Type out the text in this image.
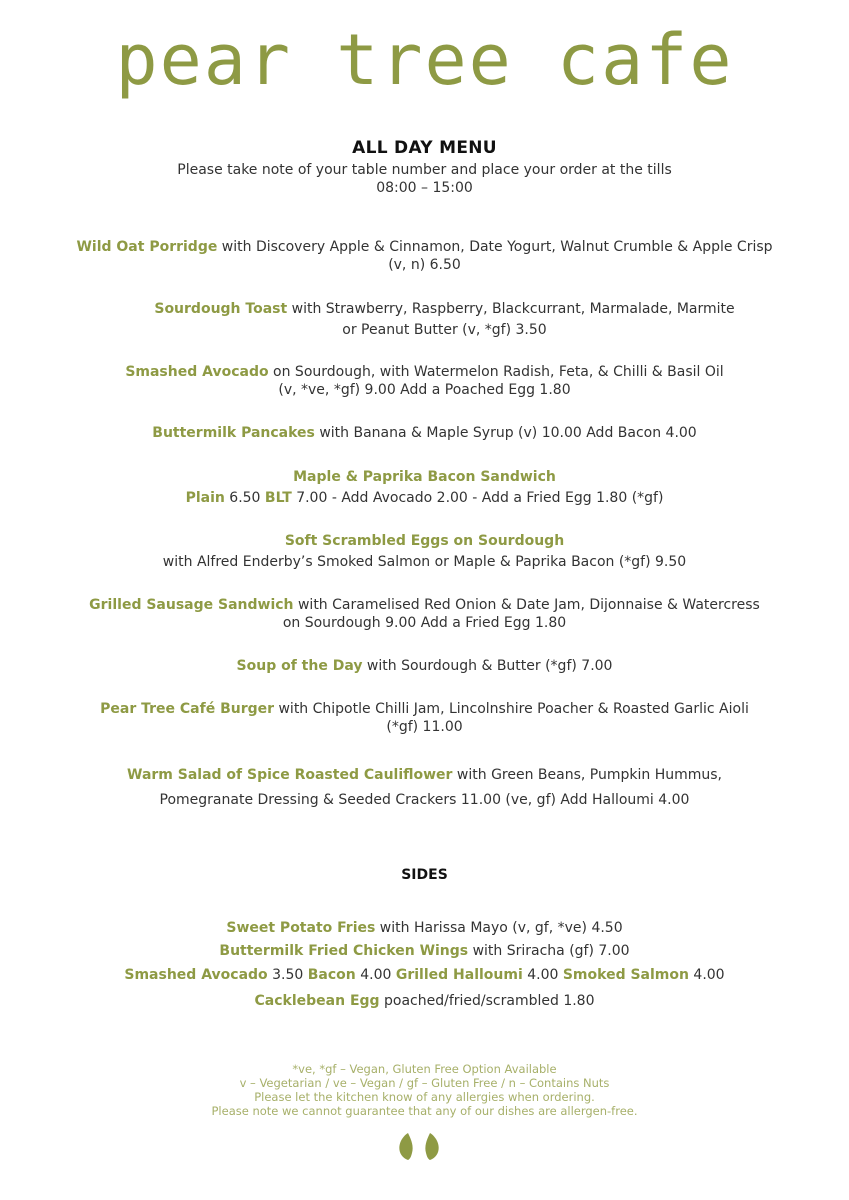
pear tree cafe
ALL DAY MENU
Please take note of your table number and place your order at the tills
08:00 – 15:00
Wild Oat Porridge with Discovery Apple & Cinnamon, Date Yogurt, Walnut Crumble & Apple Crisp
(v, n) 6.50
Sourdough Toast with Strawberry, Raspberry, Blackcurrant, Marmalade, Marmite
or Peanut Butter (v, *gf) 3.50
Smashed Avocado on Sourdough, with Watermelon Radish, Feta, & Chilli & Basil Oil
(v, *ve, *gf) 9.00 Add a Poached Egg 1.80
Buttermilk Pancakes with Banana & Maple Syrup (v) 10.00 Add Bacon 4.00
Maple & Paprika Bacon Sandwich
Plain 6.50 BLT 7.00 - Add Avocado 2.00 - Add a Fried Egg 1.80 (*gf)
Soft Scrambled Eggs on Sourdough
with Alfred Enderby’s Smoked Salmon or Maple & Paprika Bacon (*gf) 9.50
Grilled Sausage Sandwich with Caramelised Red Onion & Date Jam, Dijonnaise & Watercress
on Sourdough 9.00 Add a Fried Egg 1.80
Soup of the Day with Sourdough & Butter (*gf) 7.00
Pear Tree Café Burger with Chipotle Chilli Jam, Lincolnshire Poacher & Roasted Garlic Aioli
(*gf) 11.00
Warm Salad of Spice Roasted Cauliflower with Green Beans, Pumpkin Hummus,
Pomegranate Dressing & Seeded Crackers 11.00 (ve, gf) Add Halloumi 4.00
SIDES
Sweet Potato Fries with Harissa Mayo (v, gf, *ve) 4.50
Buttermilk Fried Chicken Wings with Sriracha (gf) 7.00
Smashed Avocado 3.50 Bacon 4.00 Grilled Halloumi 4.00 Smoked Salmon 4.00
Cacklebean Egg poached/fried/scrambled 1.80
*ve, *gf – Vegan, Gluten Free Option Available
v – Vegetarian / ve – Vegan / gf – Gluten Free / n – Contains Nuts
Please let the kitchen know of any allergies when ordering.
Please note we cannot guarantee that any of our dishes are allergen-free.
